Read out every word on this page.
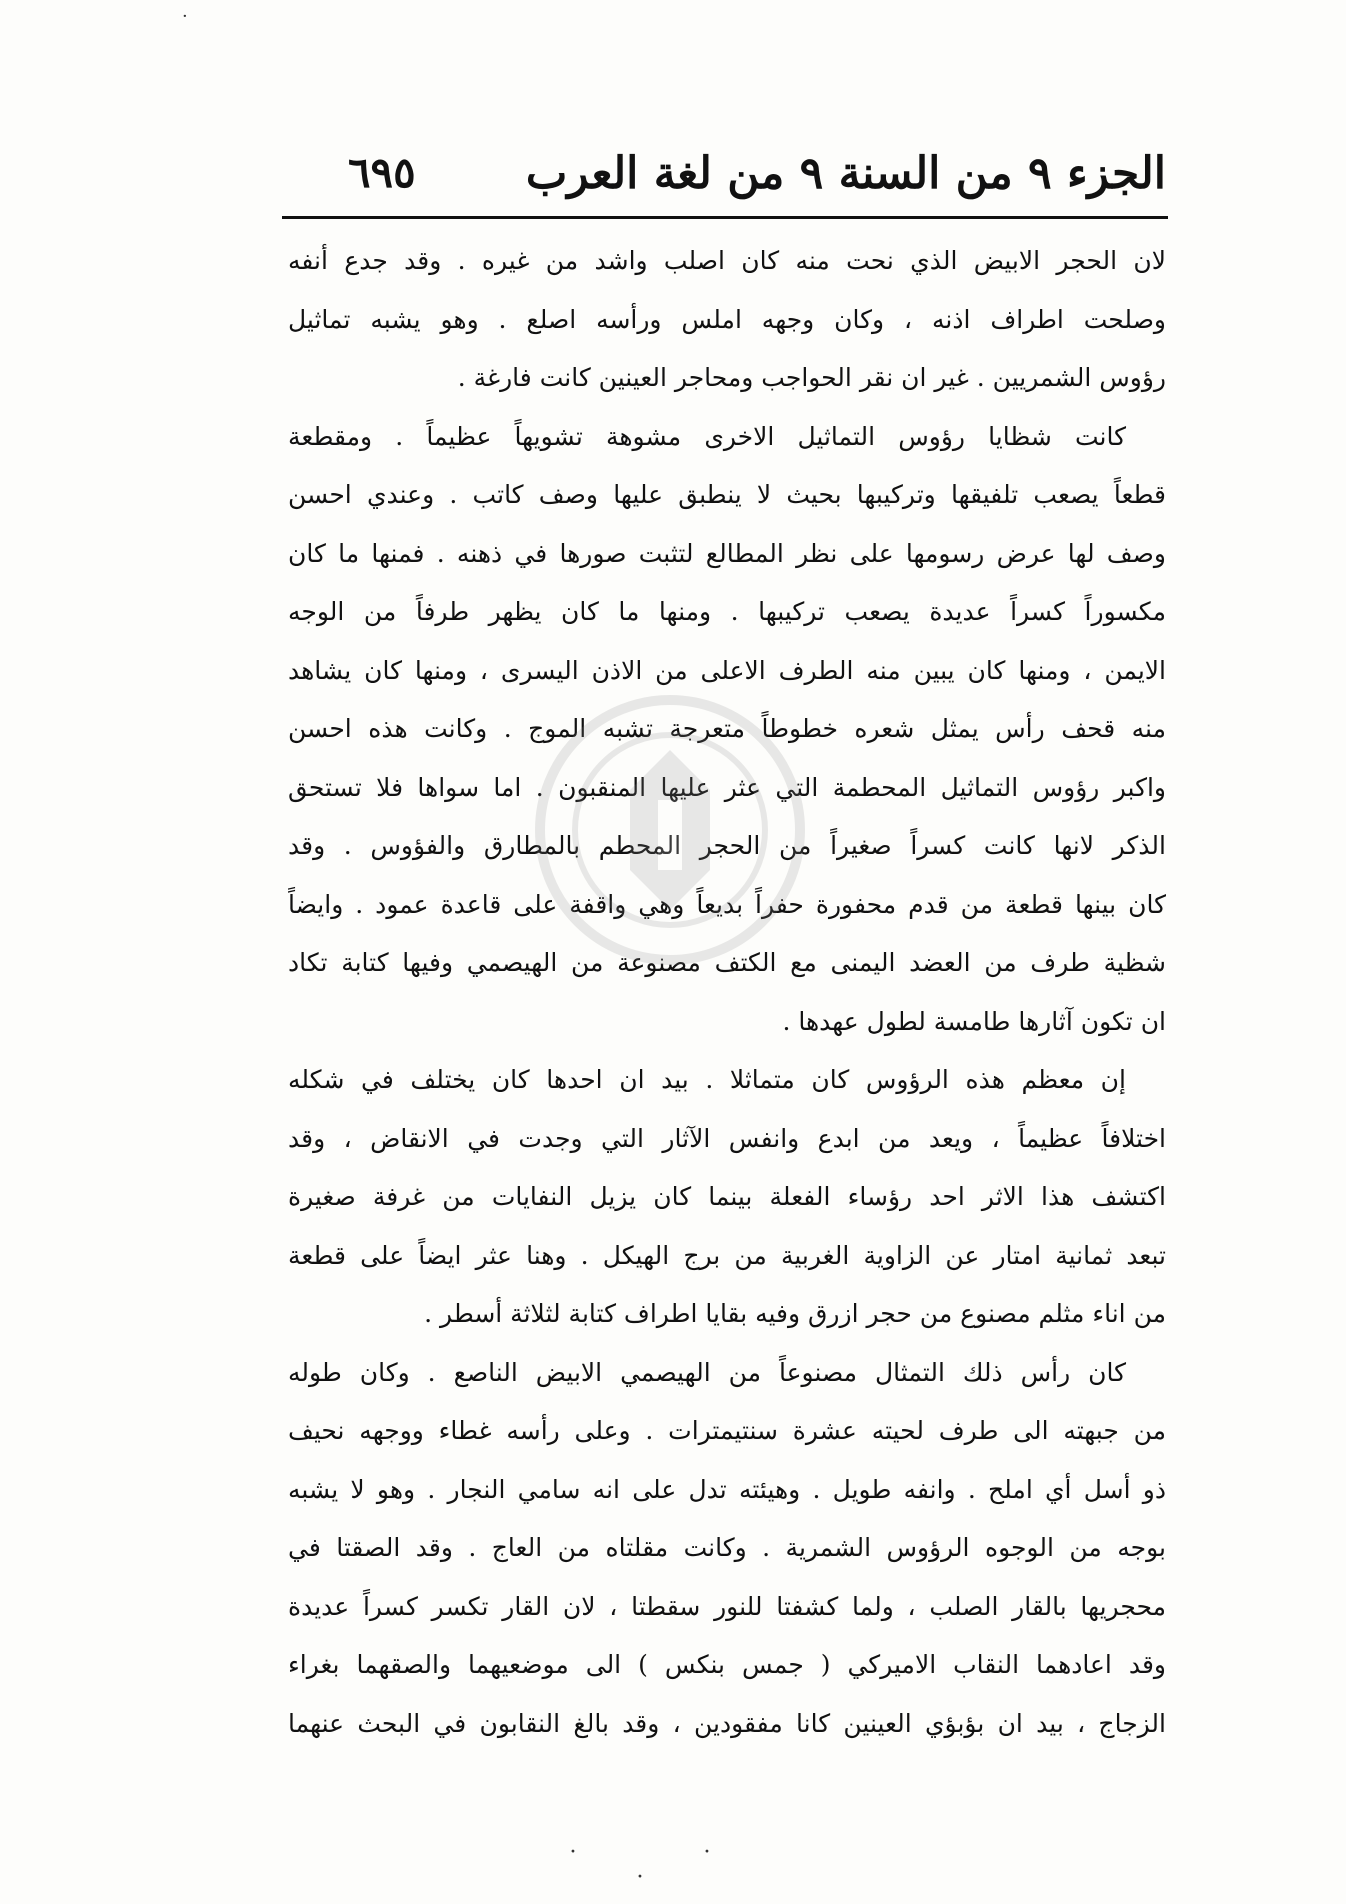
·
الجزء ٩ من السنة ٩ من لغة العرب
٦٩٥
لان الحجر الابيض الذي نحت منه كان اصلب واشد من غيره . وقد جدع أنفه
وصلحت اطراف اذنه ، وكان وجهه املس ورأسه اصلع . وهو يشبه تماثيل
رؤوس الشمريين . غير ان نقر الحواجب ومحاجر العينين كانت فارغة .
كانت شظايا رؤوس التماثيل الاخرى مشوهة تشويهاً عظيماً . ومقطعة
قطعاً يصعب تلفيقها وتركيبها بحيث لا ينطبق عليها وصف كاتب . وعندي احسن
وصف لها عرض رسومها على نظر المطالع لتثبت صورها في ذهنه . فمنها ما كان
مكسوراً كسراً عديدة يصعب تركيبها . ومنها ما كان يظهر طرفاً من الوجه
الايمن ، ومنها كان يبين منه الطرف الاعلى من الاذن اليسرى ، ومنها كان يشاهد
منه قحف رأس يمثل شعره خطوطاً متعرجة تشبه الموج . وكانت هذه احسن
واكبر رؤوس التماثيل المحطمة التي عثر عليها المنقبون . اما سواها فلا تستحق
الذكر لانها كانت كسراً صغيراً من الحجر المحطم بالمطارق والفؤوس . وقد
كان بينها قطعة من قدم محفورة حفراً بديعاً وهي واقفة على قاعدة عمود . وايضاً
شظية طرف من العضد اليمنى مع الكتف مصنوعة من الهيصمي وفيها كتابة تكاد
ان تكون آثارها طامسة لطول عهدها .
إن معظم هذه الرؤوس كان متماثلا . بيد ان احدها كان يختلف في شكله
اختلافاً عظيماً ، ويعد من ابدع وانفس الآثار التي وجدت في الانقاض ، وقد
اكتشف هذا الاثر احد رؤساء الفعلة بينما كان يزيل النفايات من غرفة صغيرة
تبعد ثمانية امتار عن الزاوية الغربية من برج الهيكل . وهنا عثر ايضاً على قطعة
من اناء مثلم مصنوع من حجر ازرق وفيه بقايا اطراف كتابة لثلاثة أسطر .
كان رأس ذلك التمثال مصنوعاً من الهيصمي الابيض الناصع . وكان طوله
من جبهته الى طرف لحيته عشرة سنتيمترات . وعلى رأسه غطاء ووجهه نحيف
ذو أسل أي املح . وانفه طويل . وهيئته تدل على انه سامي النجار . وهو لا يشبه
بوجه من الوجوه الرؤوس الشمرية . وكانت مقلتاه من العاج . وقد الصقتا في
محجريها بالقار الصلب ، ولما كشفتا للنور سقطتا ، لان القار تكسر كسراً عديدة
وقد اعادهما النقاب الاميركي ( جمس بنكس ) الى موضعيهما والصقهما بغراء
الزجاج ، بيد ان بؤبؤي العينين كانا مفقودين ، وقد بالغ النقابون في البحث عنهما
· · ·
